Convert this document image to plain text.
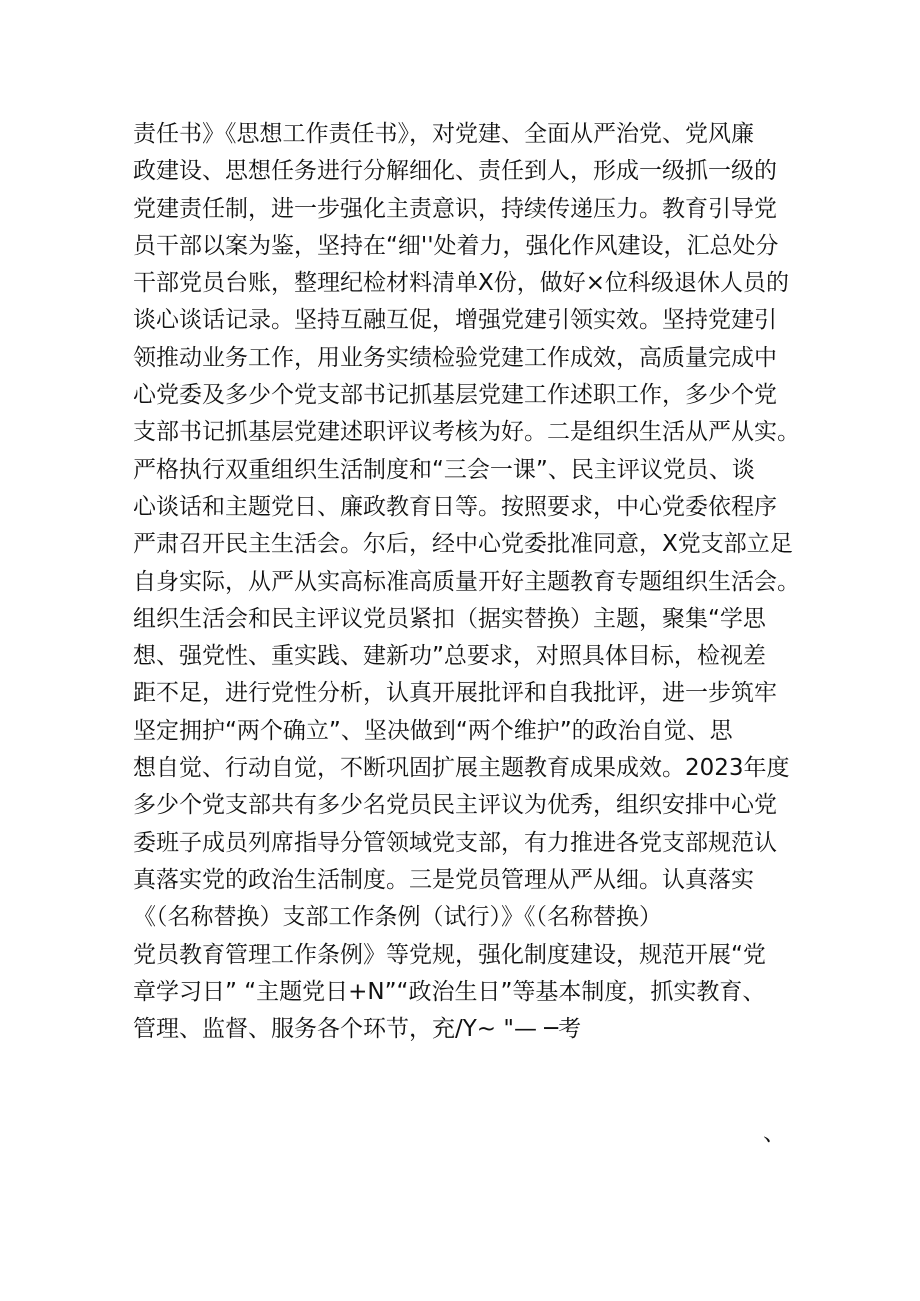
责任书》《思想工作责任书》，对党建、全面从严治党、党风廉
政建设、思想任务进行分解细化、责任到人，形成一级抓一级的
党建责任制，进一步强化主责意识，持续传递压力。教育引导党
员干部以案为鉴，坚持在“细''处着力，强化作风建设，汇总处分
干部党员台账，整理纪检材料清单X份，做好×位科级退休人员的
谈心谈话记录。坚持互融互促，增强党建引领实效。坚持党建引
领推动业务工作，用业务实绩检验党建工作成效，高质量完成中
心党委及多少个党支部书记抓基层党建工作述职工作，多少个党
支部书记抓基层党建述职评议考核为好。二是组织生活从严从实。
严格执行双重组织生活制度和“三会一课”、民主评议党员、谈
心谈话和主题党日、廉政教育日等。按照要求，中心党委依程序
严肃召开民主生活会。尔后，经中心党委批准同意，X党支部立足
自身实际，从严从实高标准高质量开好主题教育专题组织生活会。
组织生活会和民主评议党员紧扣（据实替换）主题，聚集“学思
想、强党性、重实践、建新功”总要求，对照具体目标，检视差
距不足，进行党性分析，认真开展批评和自我批评，进一步筑牢
坚定拥护“两个确立”、坚决做到“两个维护”的政治自觉、思
想自觉、行动自觉，不断巩固扩展主题教育成果成效。2023年度
多少个党支部共有多少名党员民主评议为优秀，组织安排中心党
委班子成员列席指导分管领域党支部，有力推进各党支部规范认
真落实党的政治生活制度。三是党员管理从严从细。认真落实
《（名称替换）支部工作条例（试行）》《（名称替换）
党员教育管理工作条例》等党规，强化制度建设，规范开展“党
章学习日” “主题党日+N”“政治生日”等基本制度，抓实教育、
管理、监督、服务各个环节，充/Y~ "— ─考
、
